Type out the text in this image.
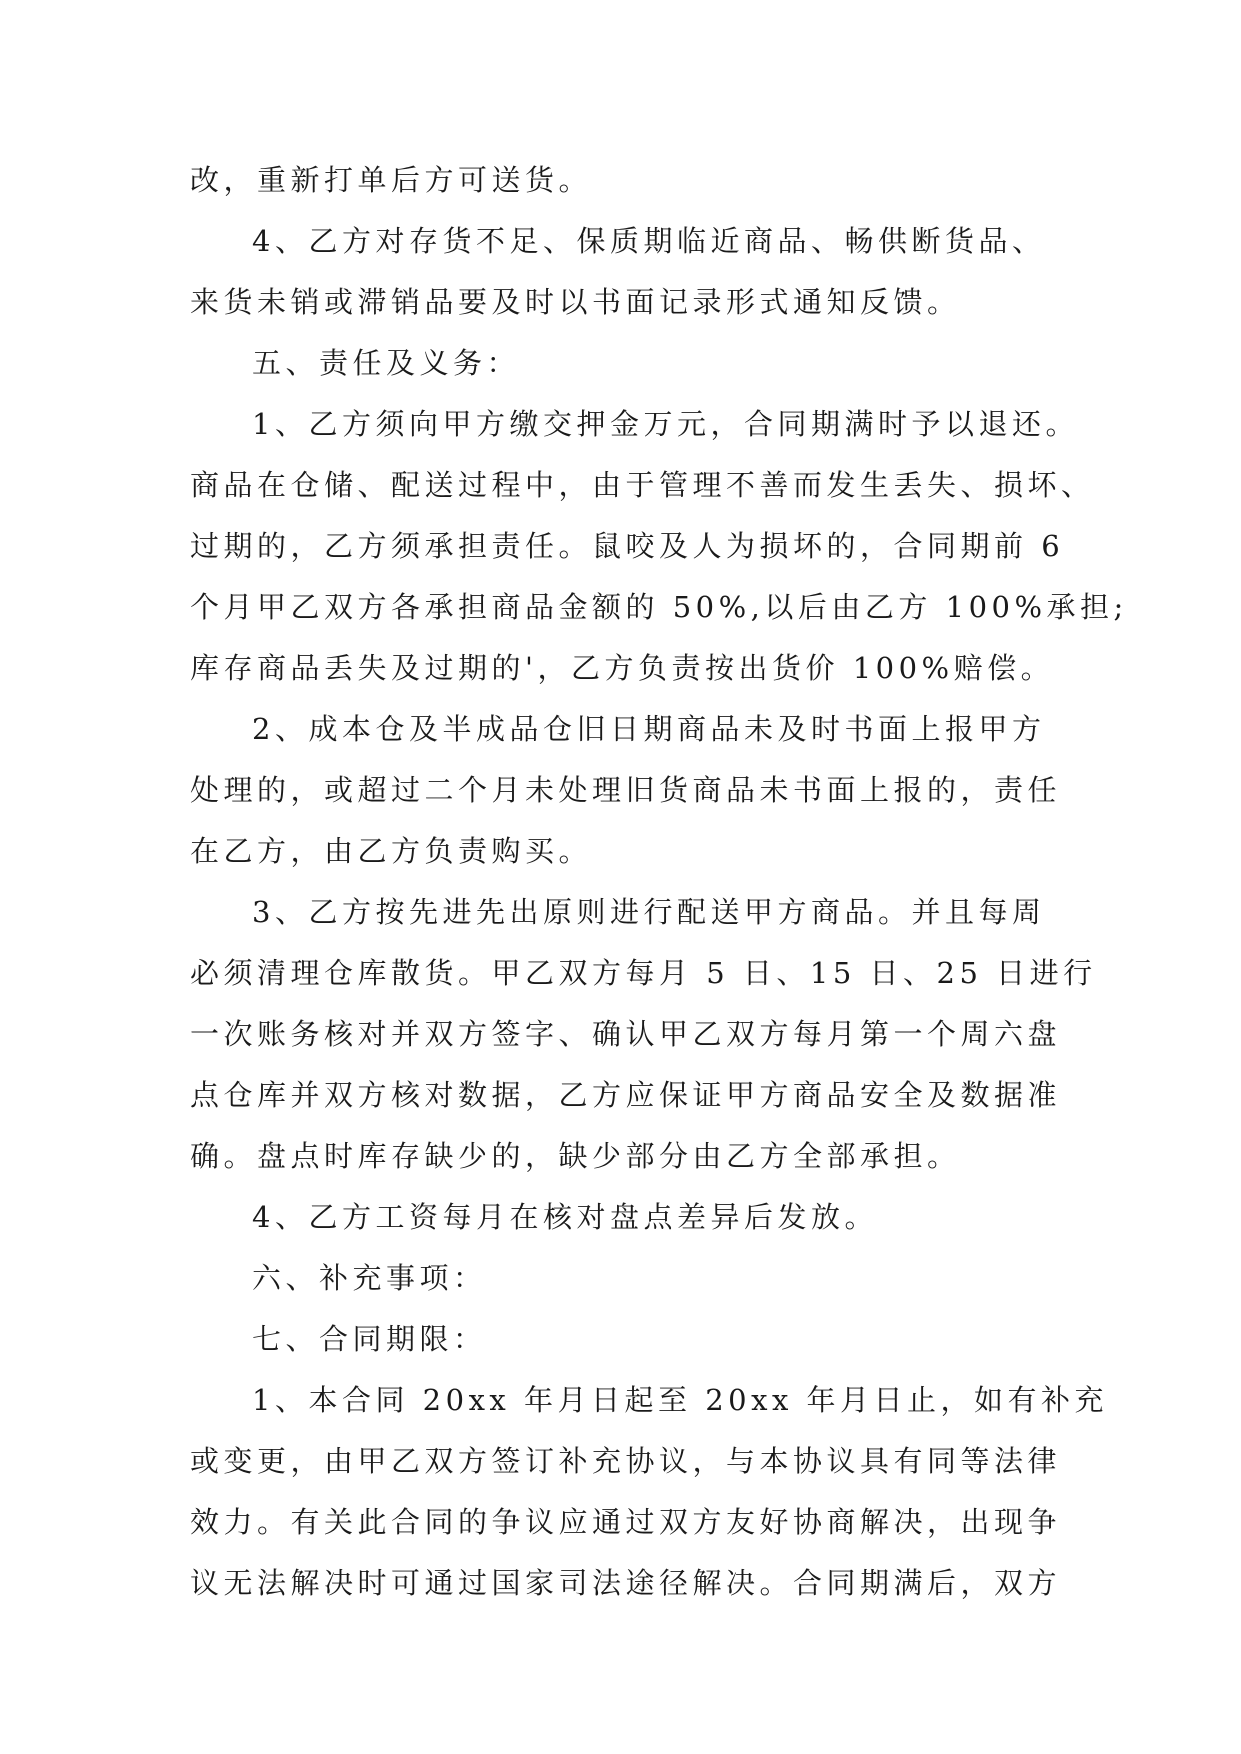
改，重新打单后方可送货。
4、乙方对存货不足、保质期临近商品、畅供断货品、
来货未销或滞销品要及时以书面记录形式通知反馈。
五、责任及义务：
1、乙方须向甲方缴交押金万元，合同期满时予以退还。
商品在仓储、配送过程中，由于管理不善而发生丢失、损坏、
过期的，乙方须承担责任。鼠咬及人为损坏的，合同期前 6
个月甲乙双方各承担商品金额的 50%,以后由乙方 100%承担;
库存商品丢失及过期的'，乙方负责按出货价 100%赔偿。
2、成本仓及半成品仓旧日期商品未及时书面上报甲方
处理的，或超过二个月未处理旧货商品未书面上报的，责任
在乙方，由乙方负责购买。
3、乙方按先进先出原则进行配送甲方商品。并且每周
必须清理仓库散货。甲乙双方每月 5 日、15 日、25 日进行
一次账务核对并双方签字、确认甲乙双方每月第一个周六盘
点仓库并双方核对数据，乙方应保证甲方商品安全及数据准
确。盘点时库存缺少的，缺少部分由乙方全部承担。
4、乙方工资每月在核对盘点差异后发放。
六、补充事项：
七、合同期限：
1、本合同 20xx 年月日起至 20xx 年月日止，如有补充
或变更，由甲乙双方签订补充协议，与本协议具有同等法律
效力。有关此合同的争议应通过双方友好协商解决，出现争
议无法解决时可通过国家司法途径解决。合同期满后，双方
